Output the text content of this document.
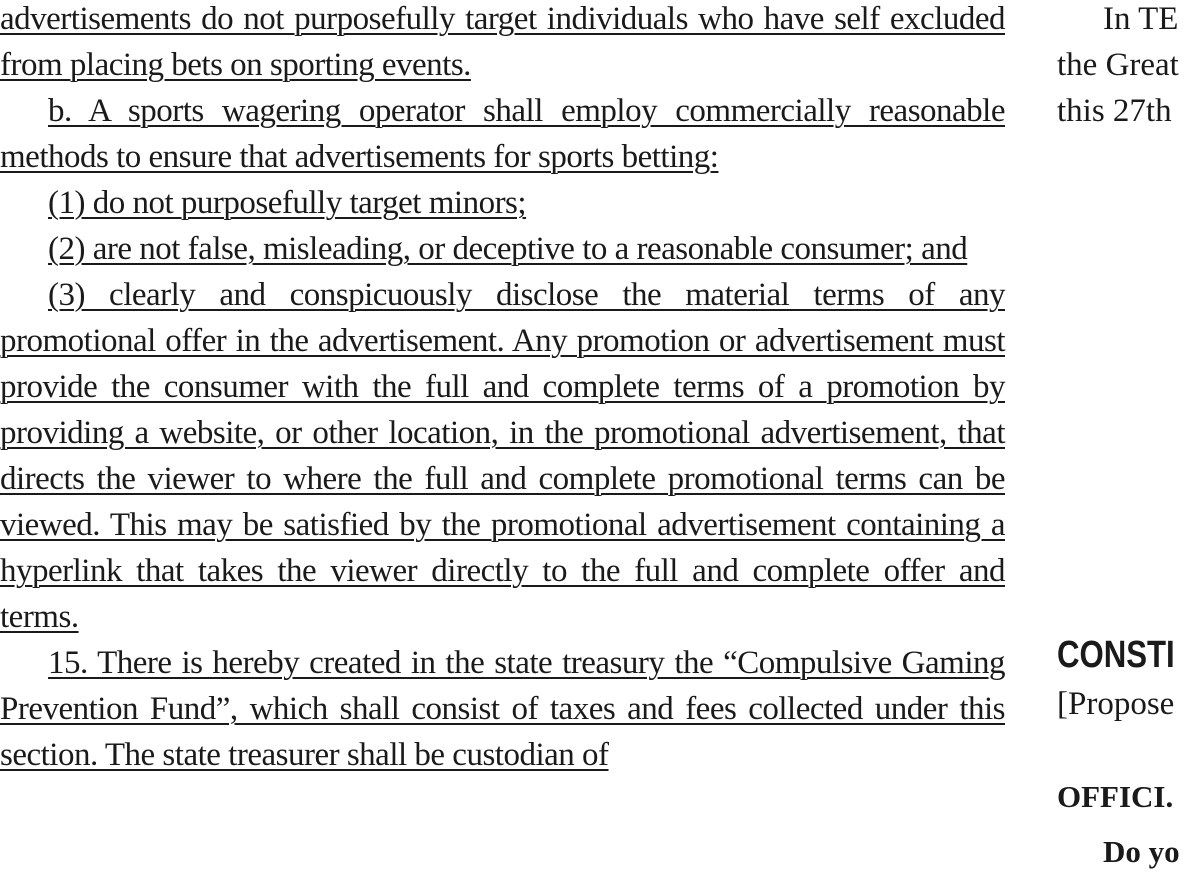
advertisements do not purposefully target individuals who have self excluded from placing bets on sporting events.

b. A sports wagering operator shall employ commercially reasonable methods to ensure that advertisements for sports betting:

(1) do not purposefully target minors;

(2) are not false, misleading, or deceptive to a reasonable consumer; and

(3) clearly and conspicuously disclose the material terms of any promotional offer in the advertisement. Any promotion or advertisement must provide the consumer with the full and complete terms of a promotion by providing a website, or other location, in the promotional advertisement, that directs the viewer to where the full and complete promotional terms can be viewed. This may be satisfied by the promotional advertisement containing a hyperlink that takes the viewer directly to the full and complete offer and terms.

15. There is hereby created in the state treasury the “Compulsive Gaming Prevention Fund”, which shall consist of taxes and fees collected under this section. The state treasurer shall be custodian of

In TE
the Great
this 27th
CONSTI
[Propose
OFFICI.
Do yo
